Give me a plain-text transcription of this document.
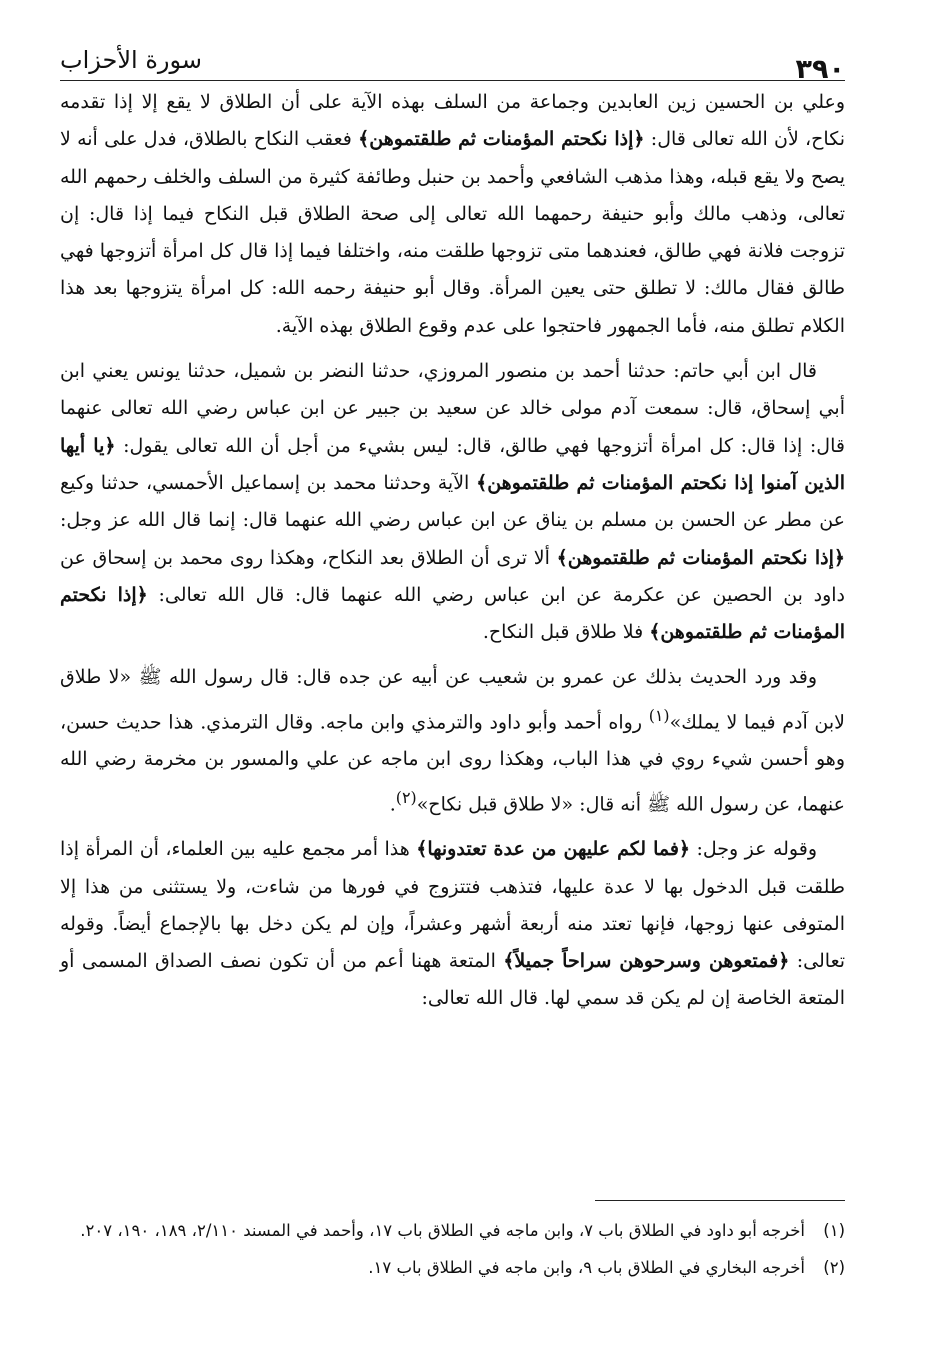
٣٩٠
سورة الأحزاب

وعلي بن الحسين زين العابدين وجماعة من السلف بهذه الآية على أن الطلاق لا يقع إلا إذا تقدمه نكاح، لأن الله تعالى قال: ﴿إذا نكحتم المؤمنات ثم طلقتموهن﴾ فعقب النكاح بالطلاق، فدل على أنه لا يصح ولا يقع قبله، وهذا مذهب الشافعي وأحمد بن حنبل وطائفة كثيرة من السلف والخلف رحمهم الله تعالى، وذهب مالك وأبو حنيفة رحمهما الله تعالى إلى صحة الطلاق قبل النكاح فيما إذا قال: إن تزوجت فلانة فهي طالق، فعندهما متى تزوجها طلقت منه، واختلفا فيما إذا قال كل امرأة أتزوجها فهي طالق فقال مالك: لا تطلق حتى يعين المرأة. وقال أبو حنيفة رحمه الله: كل امرأة يتزوجها بعد هذا الكلام تطلق منه، فأما الجمهور فاحتجوا على عدم وقوع الطلاق بهذه الآية.

قال ابن أبي حاتم: حدثنا أحمد بن منصور المروزي، حدثنا النضر بن شميل، حدثنا يونس يعني ابن أبي إسحاق، قال: سمعت آدم مولى خالد عن سعيد بن جبير عن ابن عباس رضي الله تعالى عنهما قال: إذا قال: كل امرأة أتزوجها فهي طالق، قال: ليس بشيء من أجل أن الله تعالى يقول: ﴿يا أيها الذين آمنوا إذا نكحتم المؤمنات ثم طلقتموهن﴾ الآية وحدثنا محمد بن إسماعيل الأحمسي، حدثنا وكيع عن مطر عن الحسن بن مسلم بن يناق عن ابن عباس رضي الله عنهما قال: إنما قال الله عز وجل: ﴿إذا نكحتم المؤمنات ثم طلقتموهن﴾ ألا ترى أن الطلاق بعد النكاح، وهكذا روى محمد بن إسحاق عن داود بن الحصين عن عكرمة عن ابن عباس رضي الله عنهما قال: قال الله تعالى: ﴿إذا نكحتم المؤمنات ثم طلقتموهن﴾ فلا طلاق قبل النكاح.

وقد ورد الحديث بذلك عن عمرو بن شعيب عن أبيه عن جده قال: قال رسول الله ﷺ «لا طلاق لابن آدم فيما لا يملك»$^{(١)}$ رواه أحمد وأبو داود والترمذي وابن ماجه. وقال الترمذي. هذا حديث حسن، وهو أحسن شيء روي في هذا الباب، وهكذا روى ابن ماجه عن علي والمسور بن مخرمة رضي الله عنهما، عن رسول الله ﷺ أنه قال: «لا طلاق قبل نكاح»$^{(٢)}$.

وقوله عز وجل: ﴿فما لكم عليهن من عدة تعتدونها﴾ هذا أمر مجمع عليه بين العلماء، أن المرأة إذا طلقت قبل الدخول بها لا عدة عليها، فتذهب فتتزوج في فورها من شاءت، ولا يستثنى من هذا إلا المتوفى عنها زوجها، فإنها تعتد منه أربعة أشهر وعشراً، وإن لم يكن دخل بها بالإجماع أيضاً. وقوله تعالى: ﴿فمتعوهن وسرحوهن سراحاً جميلاً﴾ المتعة ههنا أعم من أن تكون نصف الصداق المسمى أو المتعة الخاصة إن لم يكن قد سمي لها. قال الله تعالى:

(١)
أخرجه أبو داود في الطلاق باب ٧، وابن ماجه في الطلاق باب ١٧، وأحمد في المسند ٢/١١٠، ١٨٩، ١٩٠، ٢٠٧.
(٢)
أخرجه البخاري في الطلاق باب ٩، وابن ماجه في الطلاق باب ١٧.
